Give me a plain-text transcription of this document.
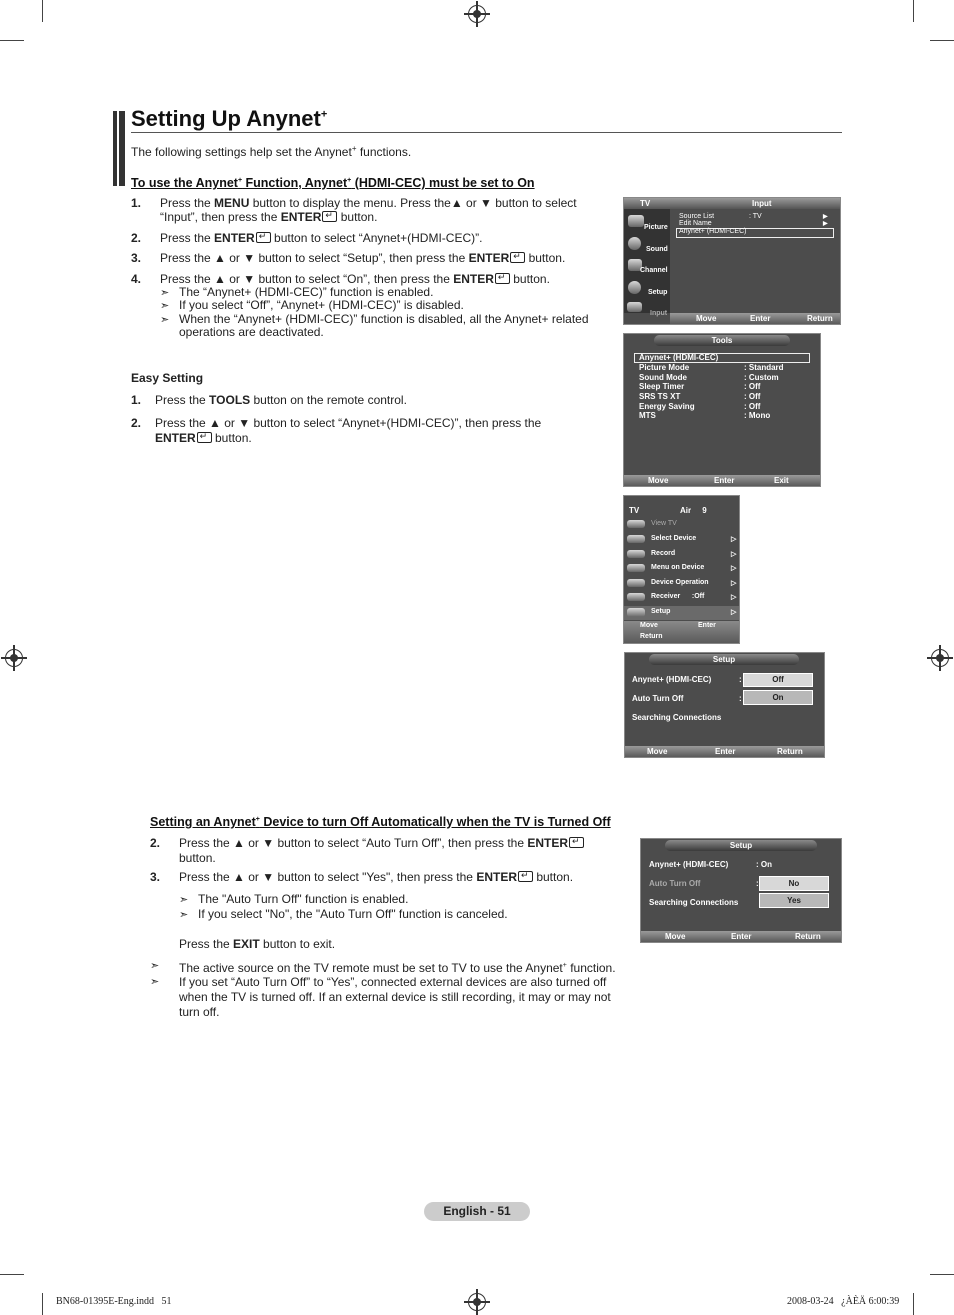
Setting Up Anynet+
The following settings help set the Anynet+ functions.
To use the Anynet+ Function, Anynet+ (HDMI-CEC) must be set to On
1. Press the MENU button to display the menu. Press the▲ or ▼ button to select
“Input”, then press the ENTER↵ button.
2. Press the ENTER↵ button to select “Anynet+(HDMI-CEC)”.
3. Press the ▲ or ▼ button to select “Setup”, then press the ENTER↵ button.
4. Press the ▲ or ▼ button to select “On”, then press the ENTER↵ button.
➣ The “Anynet+ (HDMI-CEC)” function is enabled.
➣ If you select “Off”, “Anynet+ (HDMI-CEC)” is disabled.
➣ When the “Anynet+ (HDMI-CEC)” function is disabled, all the Anynet+ related
operations are deactivated.
Easy Setting
1. Press the TOOLS button on the remote control.
2. Press the ▲ or ▼ button to select “Anynet+(HDMI-CEC)”, then press the
ENTER↵ button.
Setting an Anynet+ Device to turn Off Automatically when the TV is Turned Off
2. Press the ▲ or ▼ button to select “Auto Turn Off”, then press the ENTER↵
button.
3. Press the ▲ or ▼ button to select "Yes", then press the ENTER↵ button.
➣ The "Auto Turn Off" function is enabled.
➣ If you select "No", the "Auto Turn Off" function is canceled.
Press the EXIT button to exit.
➣ The active source on the TV remote must be set to TV to use the Anynet+ function.
➣ If you set “Auto Turn Off” to “Yes”, connected external devices are also turned off
when the TV is turned off. If an external device is still recording, it may or may not
turn off.
TV	Input
Picture
Sound
Channel
Setup
Input
Source List	: TV	▶
Edit Name	▶
Anynet+ (HDMI-CEC)
Move	Enter	Return
Tools
Anynet+ (HDMI-CEC)
Picture Mode	: Standard
Sound Mode	: Custom
Sleep Timer	: Off
SRS TS XT	: Off
Energy Saving	: Off
MTS	: Mono
Move	Enter	Exit
TV	Air     9
View TV
Select Device	▷
Record	▷
Menu on Device	▷
Device Operation	▷
Receiver      :Off	▷
Setup	▷
Move	Enter
Return
Setup
Anynet+ (HDMI-CEC)	:	Off
Auto Turn Off	:	On
Searching Connections
Move	Enter	Return
Setup
Anynet+ (HDMI-CEC)	: On
Auto Turn Off	:	No
Searching Connections	Yes
Move	Enter	Return
English - 51
BN68-01395E-Eng.indd   51	2008-03-24   ¿ÀÈÄ 6:00:39
